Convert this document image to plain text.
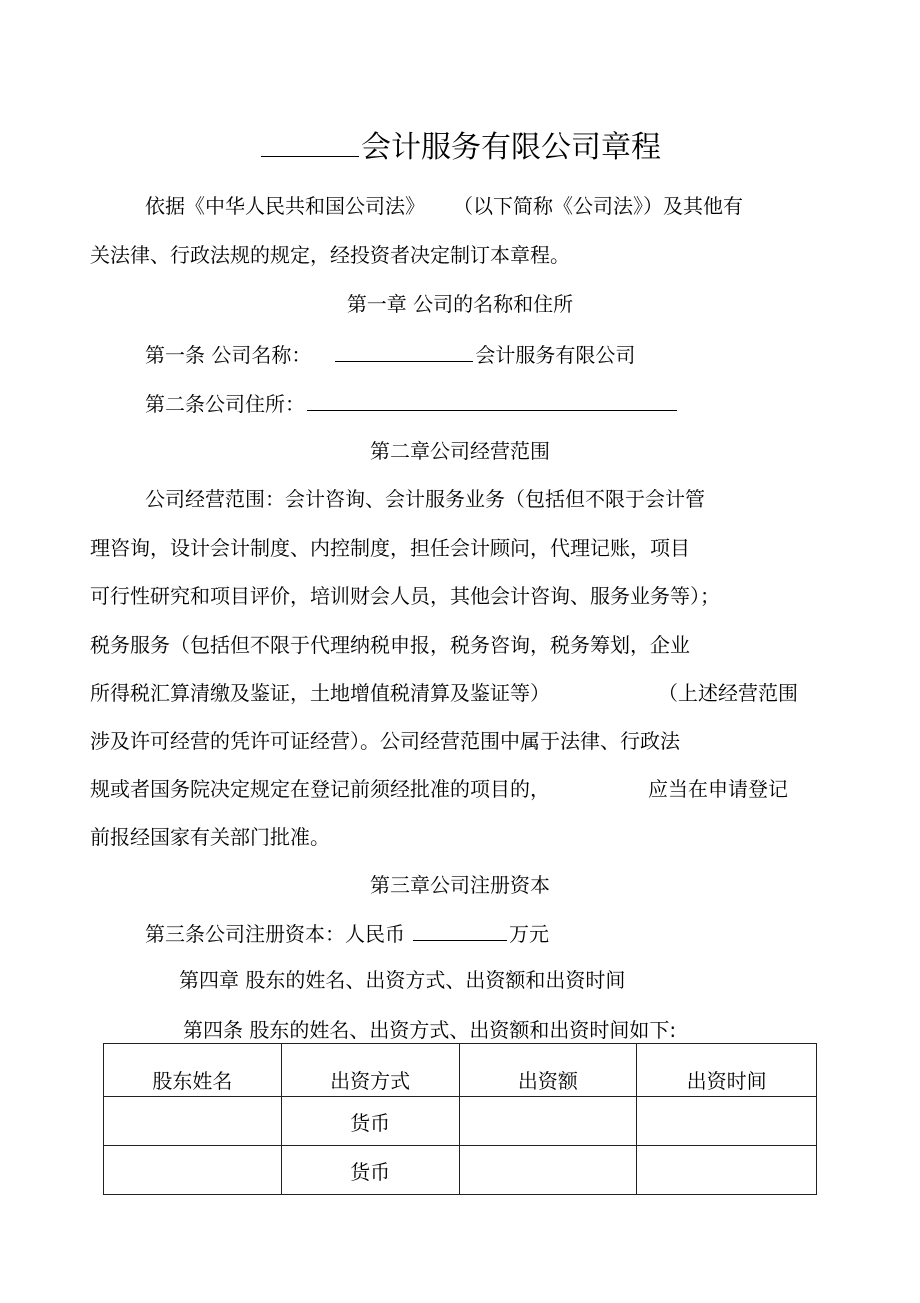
会计服务有限公司章程
依据《中华人民共和国公司法》 （以下简称《公司法》）及其他有
关法律、行政法规的规定，经投资者决定制订本章程。
第一章 公司的名称和住所
第一条 公司名称：	会计服务有限公司
第二条公司住所：
第二章公司经营范围
公司经营范围：会计咨询、会计服务业务（包括但不限于会计管
理咨询，设计会计制度、内控制度，担任会计顾问，代理记账，项目
可行性研究和项目评价，培训财会人员，其他会计咨询、服务业务等）；
税务服务（包括但不限于代理纳税申报，税务咨询，税务筹划，企业
所得税汇算清缴及鉴证，土地增值税清算及鉴证等）	（上述经营范围
涉及许可经营的凭许可证经营）。公司经营范围中属于法律、行政法
规或者国务院决定规定在登记前须经批准的项目的，	应当在申请登记
前报经国家有关部门批准。
第三章公司注册资本
第三条公司注册资本：人民币	万元
第四章 股东的姓名、出资方式、出资额和出资时间
第四条 股东的姓名、出资方式、出资额和出资时间如下:
股东姓名	出资方式	出资额	出资时间
	货币		
	货币		
